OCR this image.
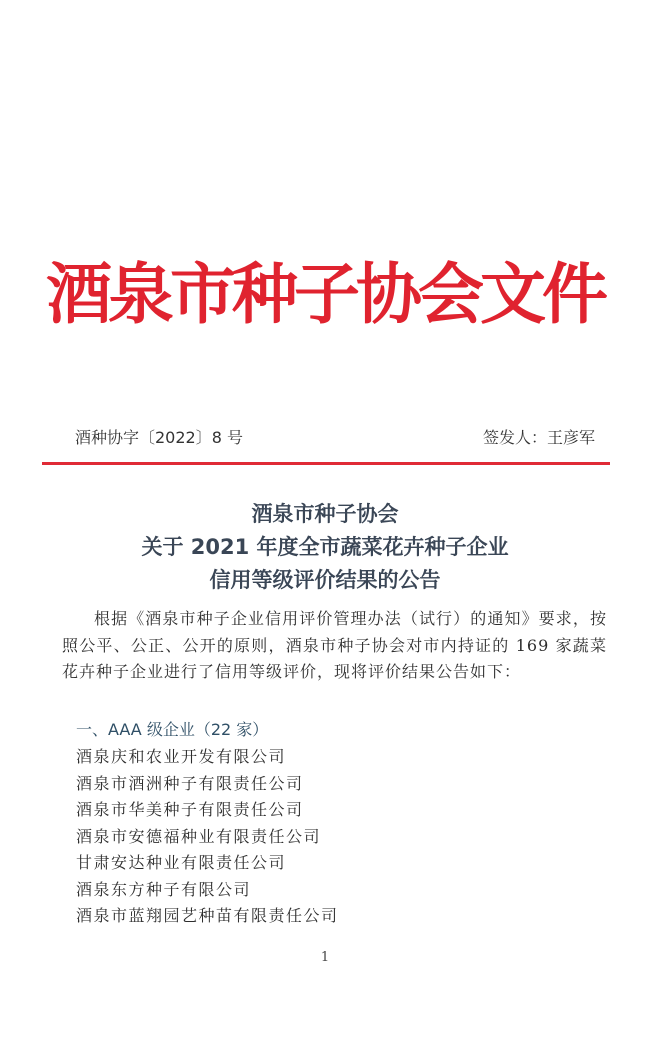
酒泉市种子协会文件
酒种协字〔2022〕8 号	签发人：王彦军
酒泉市种子协会
关于 2021 年度全市蔬菜花卉种子企业
信用等级评价结果的公告

根据《酒泉市种子企业信用评价管理办法（试行）的通知》要求，按照公平、公正、公开的原则，酒泉市种子协会对市内持证的 169 家蔬菜花卉种子企业进行了信用等级评价，现将评价结果公告如下：

一、AAA 级企业（22 家）
酒泉庆和农业开发有限公司
酒泉市酒洲种子有限责任公司
酒泉市华美种子有限责任公司
酒泉市安德福种业有限责任公司
甘肃安达种业有限责任公司
酒泉东方种子有限公司
酒泉市蓝翔园艺种苗有限责任公司
1
